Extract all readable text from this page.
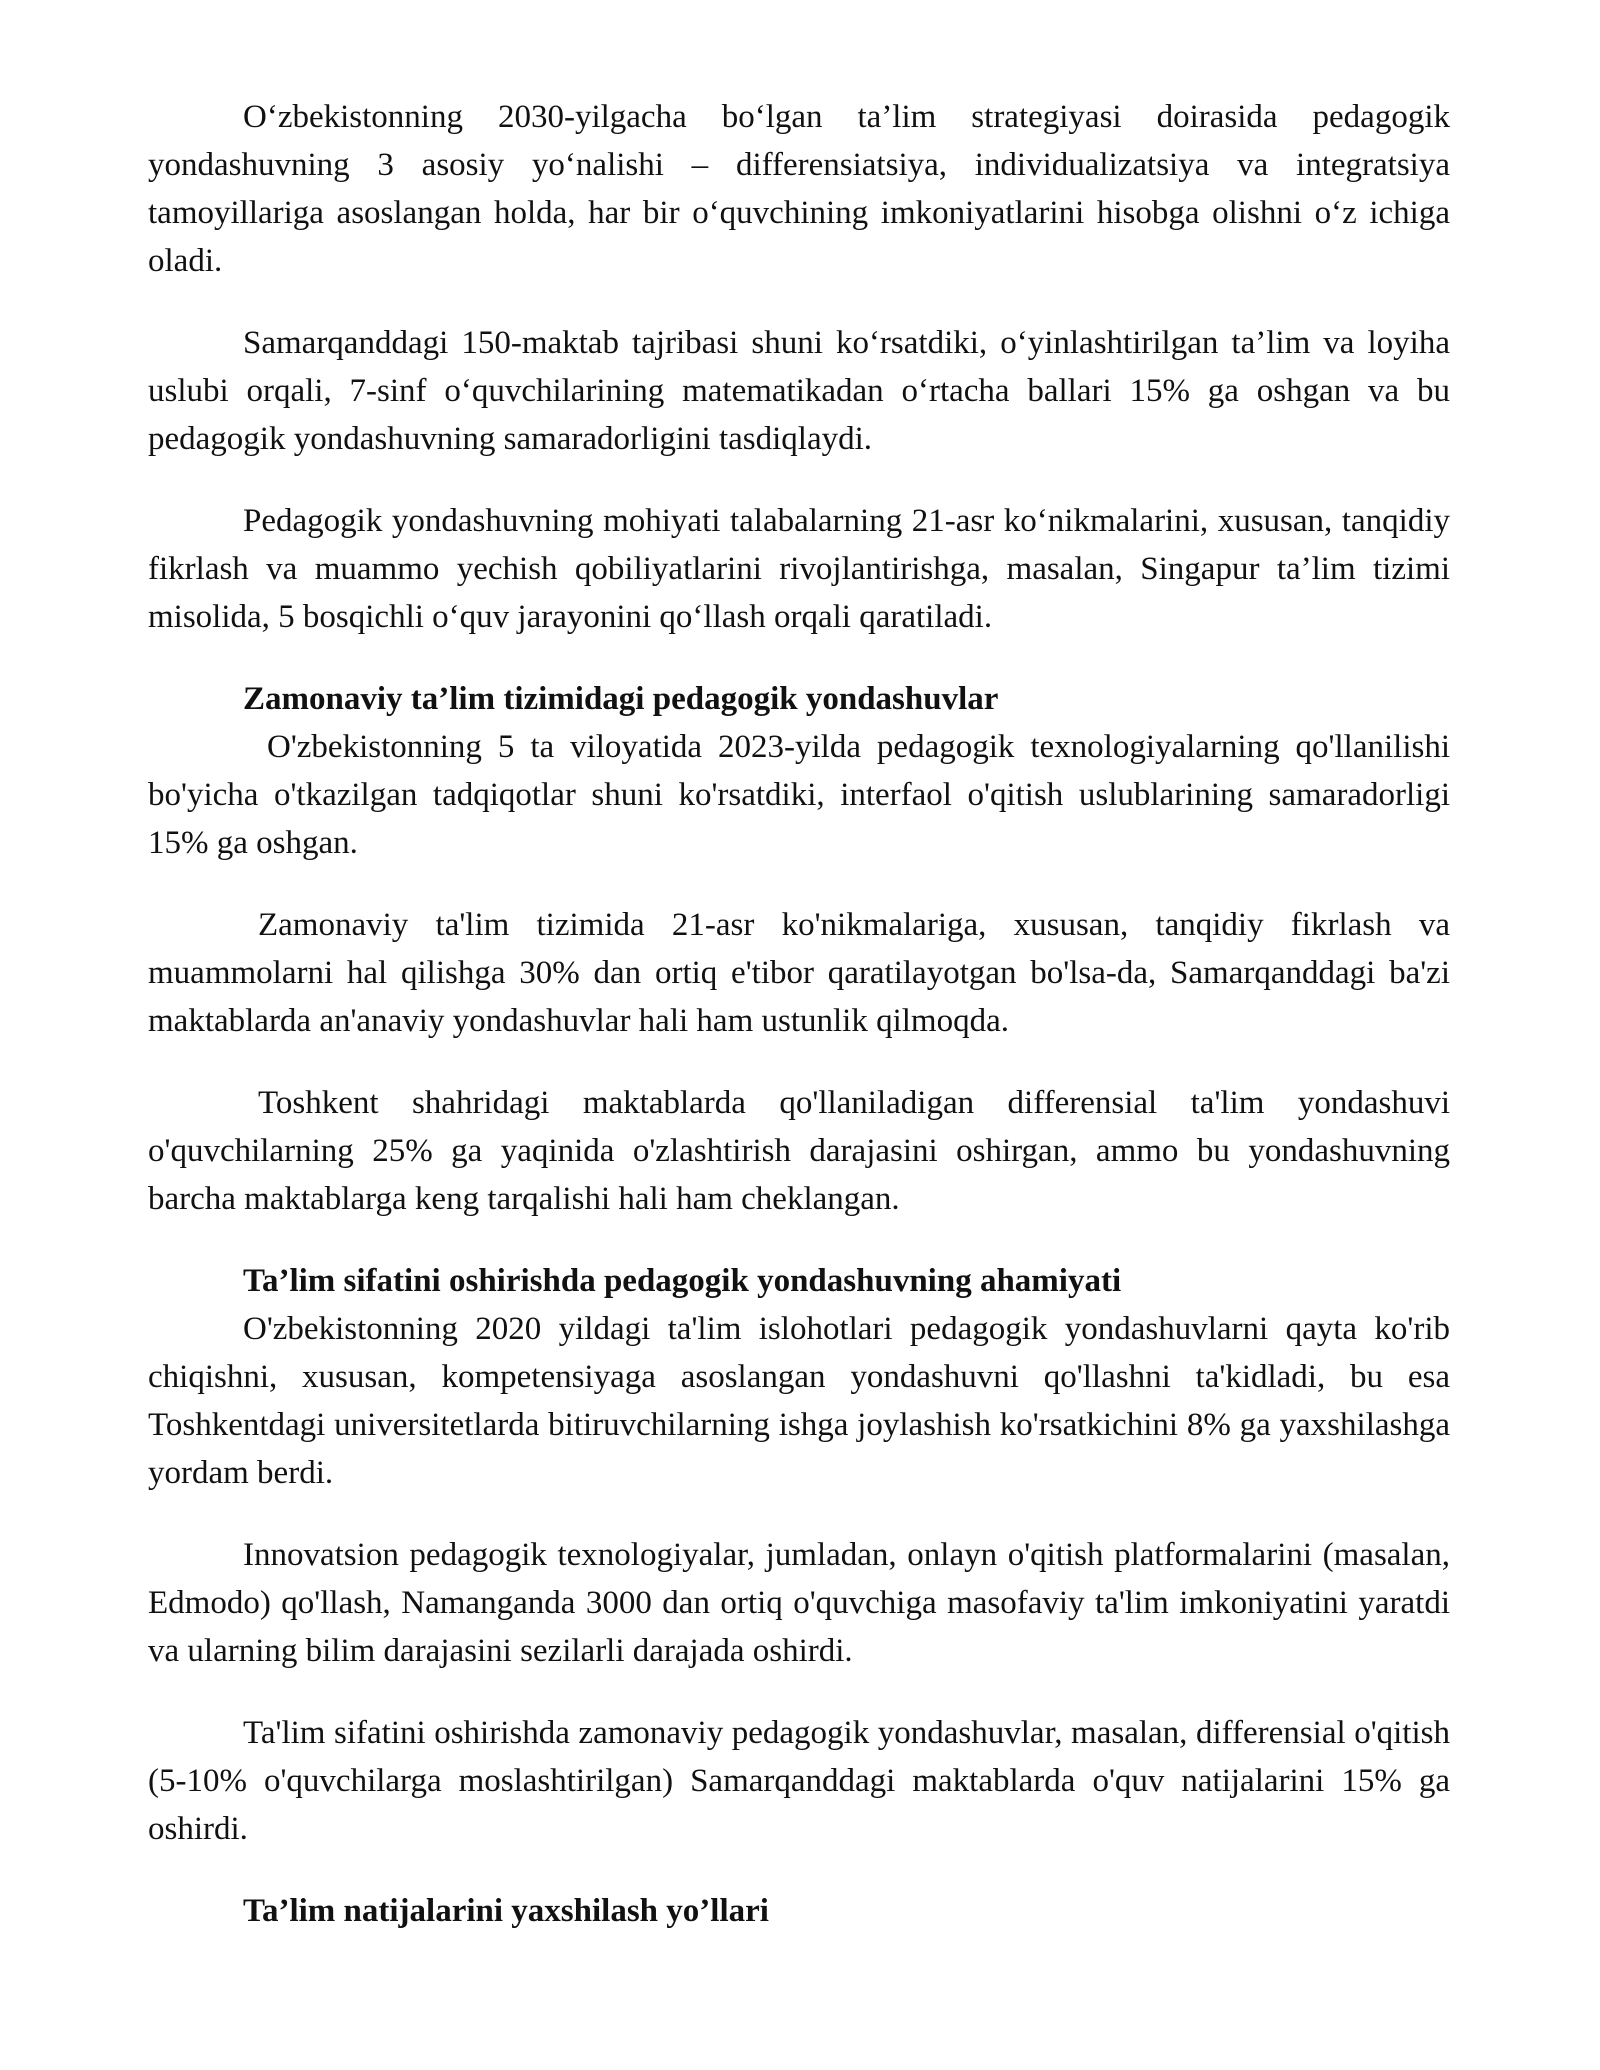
O‘zbekistonning 2030-yilgacha bo‘lgan ta’lim strategiyasi doirasida pedagogik yondashuvning 3 asosiy yo‘nalishi – differensiatsiya, individualizatsiya va integratsiya tamoyillariga asoslangan holda, har bir o‘quvchining imkoniyatlarini hisobga olishni o‘z ichiga oladi.

Samarqanddagi 150-maktab tajribasi shuni ko‘rsatdiki, o‘yinlashtirilgan ta’lim va loyiha uslubi orqali, 7-sinf o‘quvchilarining matematikadan o‘rtacha ballari 15% ga oshgan va bu pedagogik yondashuvning samaradorligini tasdiqlaydi.

Pedagogik yondashuvning mohiyati talabalarning 21-asr ko‘nikmalarini, xususan, tanqidiy fikrlash va muammo yechish qobiliyatlarini rivojlantirishga, masalan, Singapur ta’lim tizimi misolida, 5 bosqichli o‘quv jarayonini qo‘llash orqali qaratiladi.

Zamonaviy ta’lim tizimidagi pedagogik yondashuvlar

O'zbekistonning 5 ta viloyatida 2023-yilda pedagogik texnologiyalarning qo'llanilishi bo'yicha o'tkazilgan tadqiqotlar shuni ko'rsatdiki, interfaol o'qitish uslublarining samaradorligi 15% ga oshgan.

Zamonaviy ta'lim tizimida 21-asr ko'nikmalariga, xususan, tanqidiy fikrlash va muammolarni hal qilishga 30% dan ortiq e'tibor qaratilayotgan bo'lsa-da, Samarqanddagi ba'zi maktablarda an'anaviy yondashuvlar hali ham ustunlik qilmoqda.

Toshkent shahridagi maktablarda qo'llaniladigan differensial ta'lim yondashuvi o'quvchilarning 25% ga yaqinida o'zlashtirish darajasini oshirgan, ammo bu yondashuvning barcha maktablarga keng tarqalishi hali ham cheklangan.

Ta’lim sifatini oshirishda pedagogik yondashuvning ahamiyati

O'zbekistonning 2020 yildagi ta'lim islohotlari pedagogik yondashuvlarni qayta ko'rib chiqishni, xususan, kompetensiyaga asoslangan yondashuvni qo'llashni ta'kidladi, bu esa Toshkentdagi universitetlarda bitiruvchilarning ishga joylashish ko'rsatkichini 8% ga yaxshilashga yordam berdi.

Innovatsion pedagogik texnologiyalar, jumladan, onlayn o'qitish platformalarini (masalan, Edmodo) qo'llash, Namanganda 3000 dan ortiq o'quvchiga masofaviy ta'lim imkoniyatini yaratdi va ularning bilim darajasini sezilarli darajada oshirdi.

Ta'lim sifatini oshirishda zamonaviy pedagogik yondashuvlar, masalan, differensial o'qitish (5-10% o'quvchilarga moslashtirilgan) Samarqanddagi maktablarda o'quv natijalarini 15% ga oshirdi.

Ta’lim natijalarini yaxshilash yo’llari
